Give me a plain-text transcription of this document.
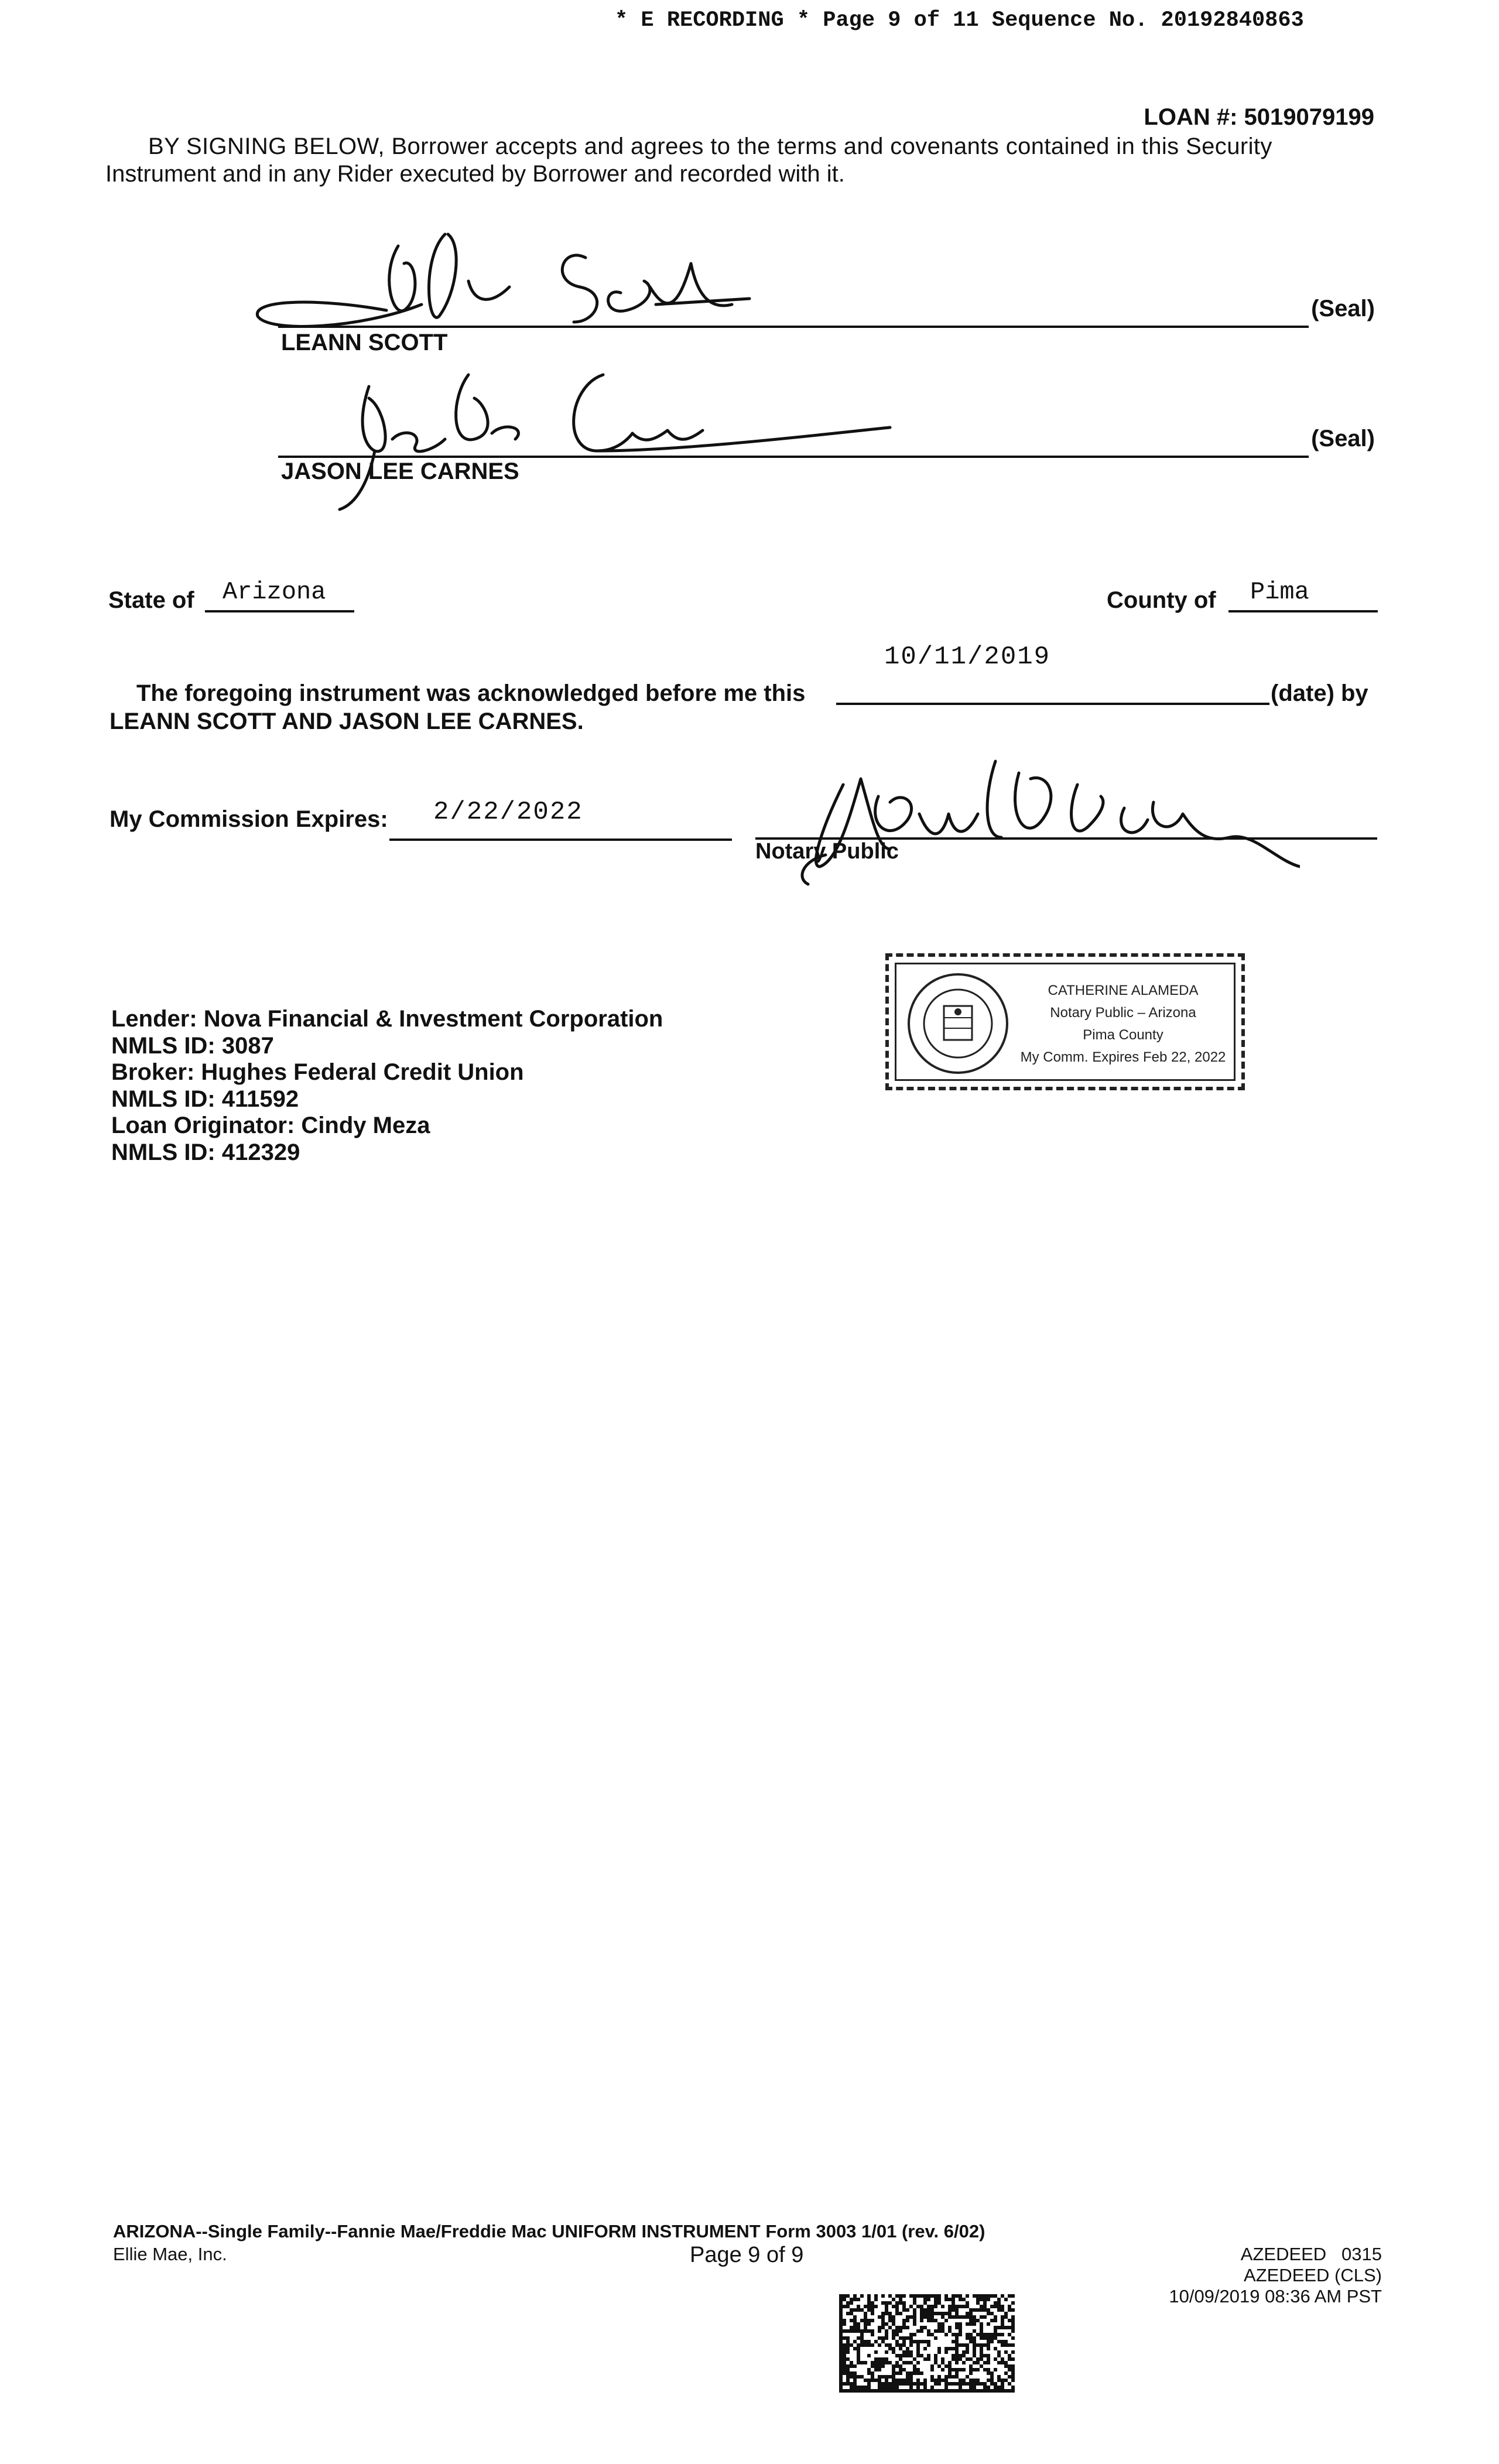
* E RECORDING * Page 9 of 11 Sequence No. 20192840863
LOAN #: 5019079199
BY SIGNING BELOW, Borrower accepts and agrees to the terms and covenants contained in this Security
Instrument and in any Rider executed by Borrower and recorded with it.
LEANN SCOTT
(Seal)
JASON LEE CARNES
(Seal)
State of Arizona	County of Pima
10/11/2019
The foregoing instrument was acknowledged before me this	(date) by
LEANN SCOTT AND JASON LEE CARNES.
My Commission Expires: 2/22/2022
Notary Public
CATHERINE ALAMEDA
Notary Public – Arizona
Pima County
My Comm. Expires Feb 22, 2022
Lender: Nova Financial & Investment Corporation
NMLS ID: 3087
Broker: Hughes Federal Credit Union
NMLS ID: 411592
Loan Originator: Cindy Meza
NMLS ID: 412329
ARIZONA--Single Family--Fannie Mae/Freddie Mac UNIFORM INSTRUMENT Form 3003 1/01 (rev. 6/02)
Ellie Mae, Inc.	Page 9 of 9	AZEDEED   0315
AZEDEED (CLS)
10/09/2019 08:36 AM PST
